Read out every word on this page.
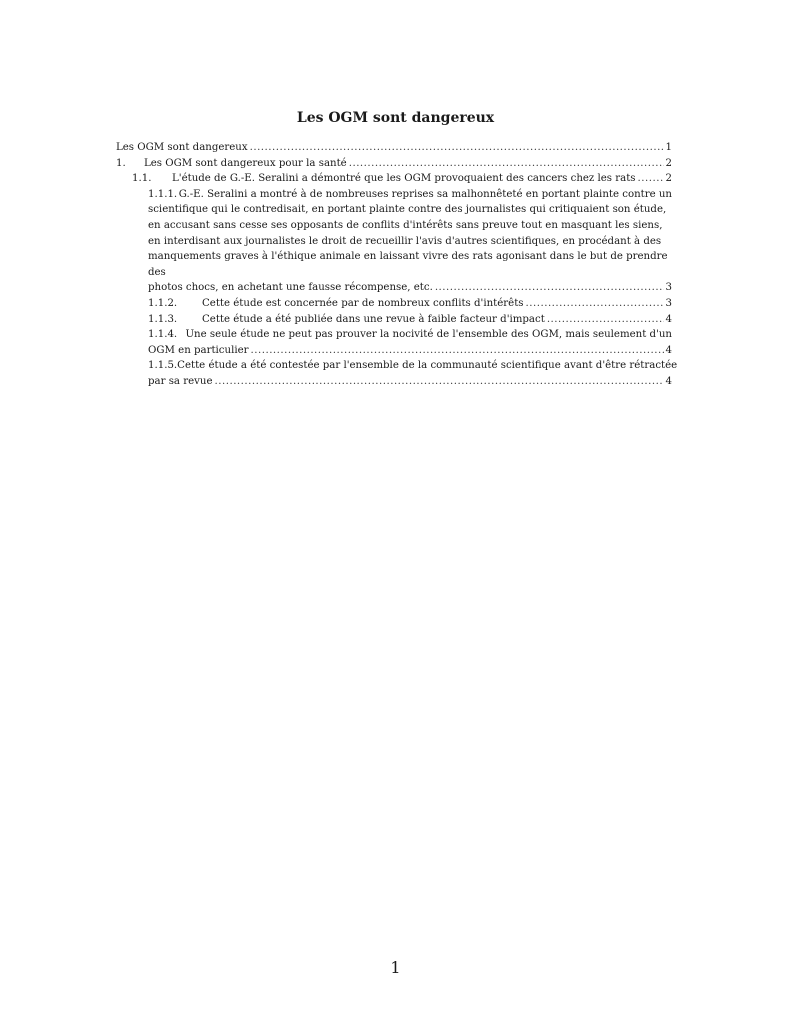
Les OGM sont dangereux
Les OGM sont dangereux .....	1
1.	Les OGM sont dangereux pour la santé .....	2
1.1.	L'étude de G.-E. Seralini a démontré que les OGM provoquaient des cancers chez les rats .....	2
1.1.1. G.-E. Seralini a montré à de nombreuses reprises sa malhonnêteté en portant plainte contre un
scientifique qui le contredisait, en portant plainte contre des journalistes qui critiquaient son étude, en accusant sans cesse ses opposants de conflits d'intérêts sans preuve tout en masquant les siens, en interdisant aux journalistes le droit de recueillir l'avis d'autres scientifiques, en procédant à des manquements graves à l'éthique animale en laissant vivre des rats agonisant dans le but de prendre des
photos chocs, en achetant une fausse récompense, etc. .....	3
1.1.2.	Cette étude est concernée par de nombreux conflits d'intérêts .....	3
1.1.3.	Cette étude a été publiée dans une revue à faible facteur d'impact .....	4
1.1.4. Une seule étude ne peut pas prouver la nocivité de l'ensemble des OGM, mais seulement d'un
OGM en particulier .....	4
1.1.5. Cette étude a été contestée par l'ensemble de la communauté scientifique avant d'être rétractée
par sa revue .....	4
1
